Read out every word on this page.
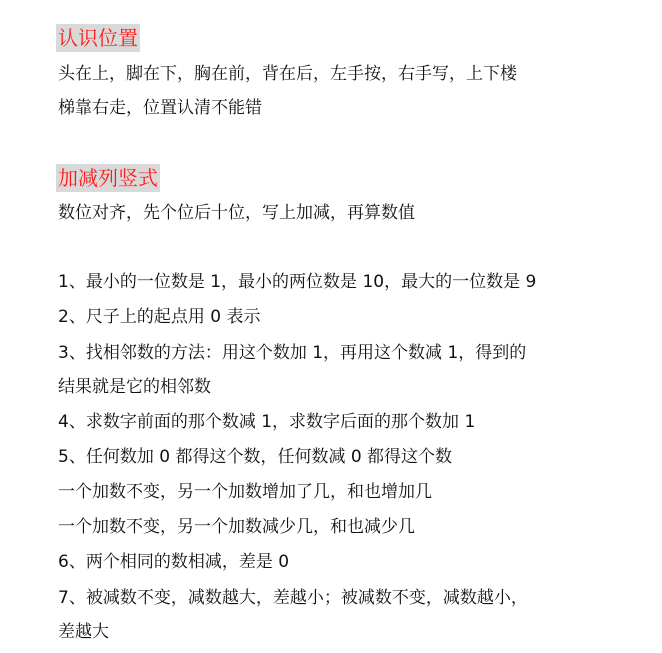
认识位置
头在上，脚在下，胸在前，背在后，左手按，右手写，上下楼
梯靠右走，位置认清不能错
加减列竖式
数位对齐，先个位后十位，写上加减，再算数值
1、最小的一位数是 1，最小的两位数是 10，最大的一位数是 9
2、尺子上的起点用 0 表示
3、找相邻数的方法：用这个数加 1，再用这个数减 1，得到的
结果就是它的相邻数
4、求数字前面的那个数减 1，求数字后面的那个数加 1
5、任何数加 0 都得这个数，任何数减 0 都得这个数
一个加数不变，另一个加数增加了几，和也增加几
一个加数不变，另一个加数减少几，和也减少几
6、两个相同的数相减，差是 0
7、被减数不变，减数越大，差越小；被减数不变，减数越小，
差越大
